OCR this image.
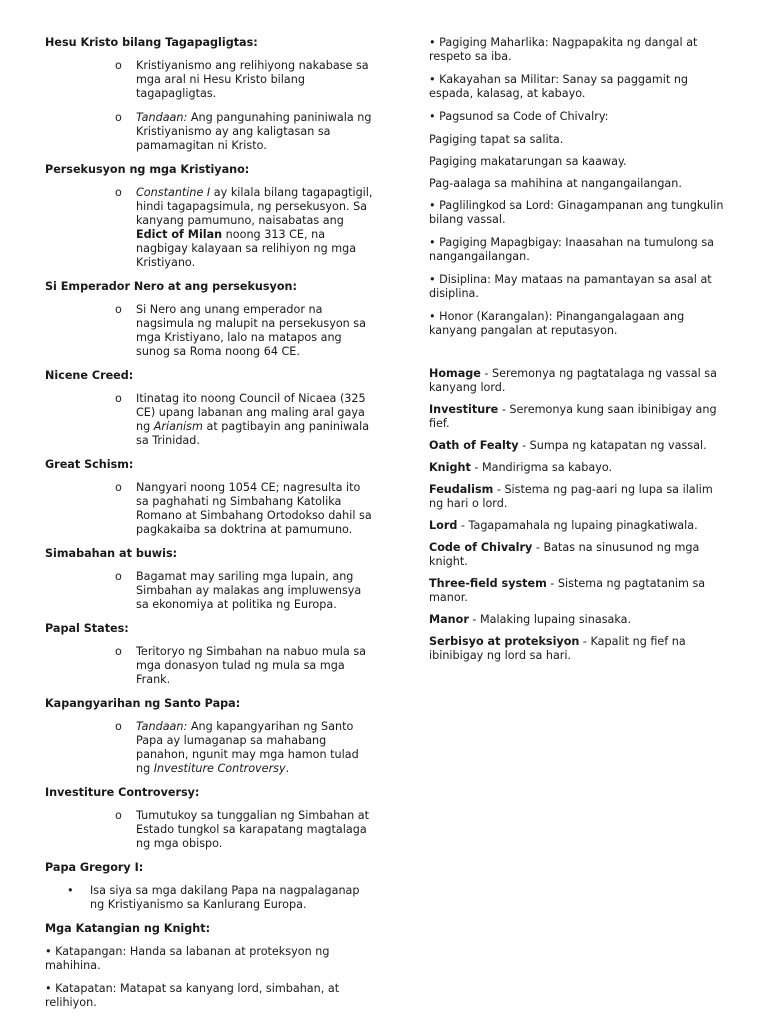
Hesu Kristo bilang Tagapagligtas:
o Kristiyanismo ang relihiyong nakabase sa mga aral ni Hesu Kristo bilang tagapagligtas.
o Tandaan: Ang pangunahing paniniwala ng Kristiyanismo ay ang kaligtasan sa pamamagitan ni Kristo.
Persekusyon ng mga Kristiyano:
o Constantine I ay kilala bilang tagapagtigil, hindi tagapagsimula, ng persekusyon. Sa kanyang pamumuno, naisabatas ang Edict of Milan noong 313 CE, na nagbigay kalayaan sa relihiyon ng mga Kristiyano.
Si Emperador Nero at ang persekusyon:
o Si Nero ang unang emperador na nagsimula ng malupit na persekusyon sa mga Kristiyano, lalo na matapos ang sunog sa Roma noong 64 CE.
Nicene Creed:
o Itinatag ito noong Council of Nicaea (325 CE) upang labanan ang maling aral gaya ng Arianism at pagtibayin ang paniniwala sa Trinidad.
Great Schism:
o Nangyari noong 1054 CE; nagresulta ito sa paghahati ng Simbahang Katolika Romano at Simbahang Ortodokso dahil sa pagkakaiba sa doktrina at pamumuno.
Simabahan at buwis:
o Bagamat may sariling mga lupain, ang Simbahan ay malakas ang impluwensya sa ekonomiya at politika ng Europa.
Papal States:
o Teritoryo ng Simbahan na nabuo mula sa mga donasyon tulad ng mula sa mga Frank.
Kapangyarihan ng Santo Papa:
o Tandaan: Ang kapangyarihan ng Santo Papa ay lumaganap sa mahabang panahon, ngunit may mga hamon tulad ng Investiture Controversy.
Investiture Controversy:
o Tumutukoy sa tunggalian ng Simbahan at Estado tungkol sa karapatang magtalaga ng mga obispo.
Papa Gregory I:
• Isa siya sa mga dakilang Papa na nagpalaganap ng Kristiyanismo sa Kanlurang Europa.
Mga Katangian ng Knight:
• Katapangan: Handa sa labanan at proteksyon ng mahihina.
• Katapatan: Matapat sa kanyang lord, simbahan, at relihiyon.
• Pagiging Maharlika: Nagpapakita ng dangal at respeto sa iba.
• Kakayahan sa Militar: Sanay sa paggamit ng espada, kalasag, at kabayo.
• Pagsunod sa Code of Chivalry:
Pagiging tapat sa salita.
Pagiging makatarungan sa kaaway.
Pag-aalaga sa mahihina at nangangailangan.
• Paglilingkod sa Lord: Ginagampanan ang tungkulin bilang vassal.
• Pagiging Mapagbigay: Inaasahan na tumulong sa nangangailangan.
• Disiplina: May mataas na pamantayan sa asal at disiplina.
• Honor (Karangalan): Pinangangalagaan ang kanyang pangalan at reputasyon.
Homage - Seremonya ng pagtatalaga ng vassal sa kanyang lord.
Investiture - Seremonya kung saan ibinibigay ang fief.
Oath of Fealty - Sumpa ng katapatan ng vassal.
Knight - Mandirigma sa kabayo.
Feudalism - Sistema ng pag-aari ng lupa sa ilalim ng hari o lord.
Lord - Tagapamahala ng lupaing pinagkatiwala.
Code of Chivalry - Batas na sinusunod ng mga knight.
Three-field system - Sistema ng pagtatanim sa manor.
Manor - Malaking lupaing sinasaka.
Serbisyo at proteksiyon - Kapalit ng fief na ibinibigay ng lord sa hari.
